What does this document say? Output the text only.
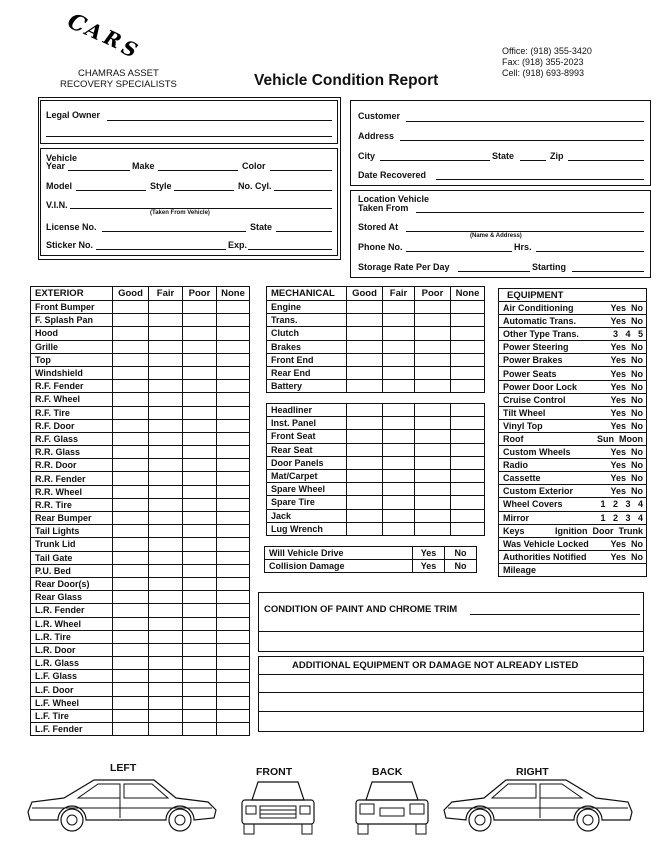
C
A
R
S
CHAMRAS ASSET
RECOVERY SPECIALISTS	Vehicle Condition Report
Office: (918) 355-3420
Fax: (918) 355-2023
Cell: (918) 693-8993
Legal Owner
Vehicle
Year	Make	Color
Model	Style	No. Cyl.
V.I.N.
(Taken From Vehicle)
License No.	State
Sticker No.	Exp.
Customer
Address
City	State	Zip
Date Recovered
Location Vehicle
Taken From
Stored At
(Name & Address)
Phone No.	Hrs.
Storage Rate Per Day	Starting
EXTERIOR	Good	Fair	Poor	None
Front Bumper				
F. Splash Pan				
Hood				
Grille				
Top				
Windshield				
R.F. Fender				
R.F. Wheel				
R.F. Tire				
R.F. Door				
R.F. Glass				
R.R. Glass				
R.R. Door				
R.R. Fender				
R.R. Wheel				
R.R. Tire				
Rear Bumper				
Tail Lights				
Trunk Lid				
Tail Gate				
P.U. Bed				
Rear Door(s)				
Rear Glass				
L.R. Fender				
L.R. Wheel				
L.R. Tire				
L.R. Door				
L.R. Glass				
L.F. Glass				
L.F. Door				
L.F. Wheel				
L.F. Tire				
L.F. Fender				
MECHANICAL	Good	Fair	Poor	None
Engine				
Trans.				
Clutch				
Brakes				
Front End				
Rear End				
Battery				
Headliner				
Inst. Panel				
Front Seat				
Rear Seat				
Door Panels				
Mat/Carpet				
Spare Wheel				
Spare Tire				
Jack				
Lug Wrench				
Will Vehicle Drive	Yes	No
Collision Damage	Yes	No
EQUIPMENT
Air Conditioning	Yes  No

Automatic Trans.	Yes  No

Other Type Trans.	3   4   5

Power Steering	Yes  No

Power Brakes	Yes  No

Power Seats	Yes  No

Power Door Lock	Yes  No

Cruise Control	Yes  No

Tilt Wheel	Yes  No

Vinyl Top	Yes  No

Roof	Sun  Moon

Custom Wheels	Yes  No

Radio	Yes  No

Cassette	Yes  No

Custom Exterior	Yes  No

Wheel Covers	1   2   3   4

Mirror	1   2   3   4

Keys	Ignition  Door  Trunk

Was Vehicle Locked Yes  No

Authorities Notified	Yes  No

Mileage
CONDITION OF PAINT AND CHROME TRIM
ADDITIONAL EQUIPMENT OR DAMAGE NOT ALREADY LISTED
LEFT	FRONT	BACK	RIGHT
